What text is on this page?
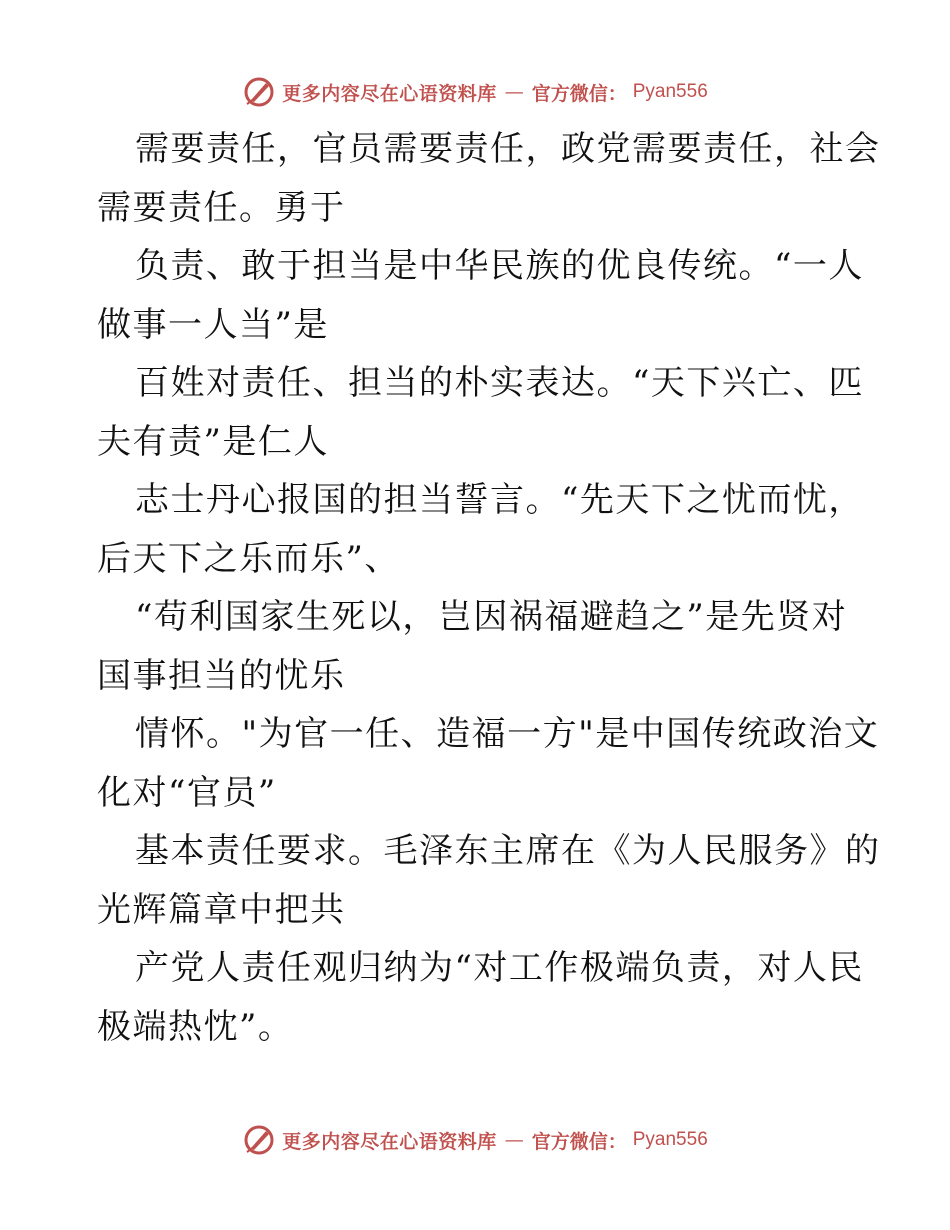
更多内容尽在心语资料库 — 官方微信： Pyan556
需要责任，官员需要责任，政党需要责任，社会
需要责任。勇于
负责、敢于担当是中华民族的优良传统。“一人
做事一人当”是
百姓对责任、担当的朴实表达。“天下兴亡、匹
夫有责”是仁人
志士丹心报国的担当誓言。“先天下之忧而忧，
后天下之乐而乐”、
“苟利国家生死以，岂因祸福避趋之”是先贤对
国事担当的忧乐
情怀。"为官一任、造福一方"是中国传统政治文
化对“官员”
基本责任要求。毛泽东主席在《为人民服务》的
光辉篇章中把共
产党人责任观归纳为“对工作极端负责，对人民
极端热忱”。
更多内容尽在心语资料库 — 官方微信： Pyan556
